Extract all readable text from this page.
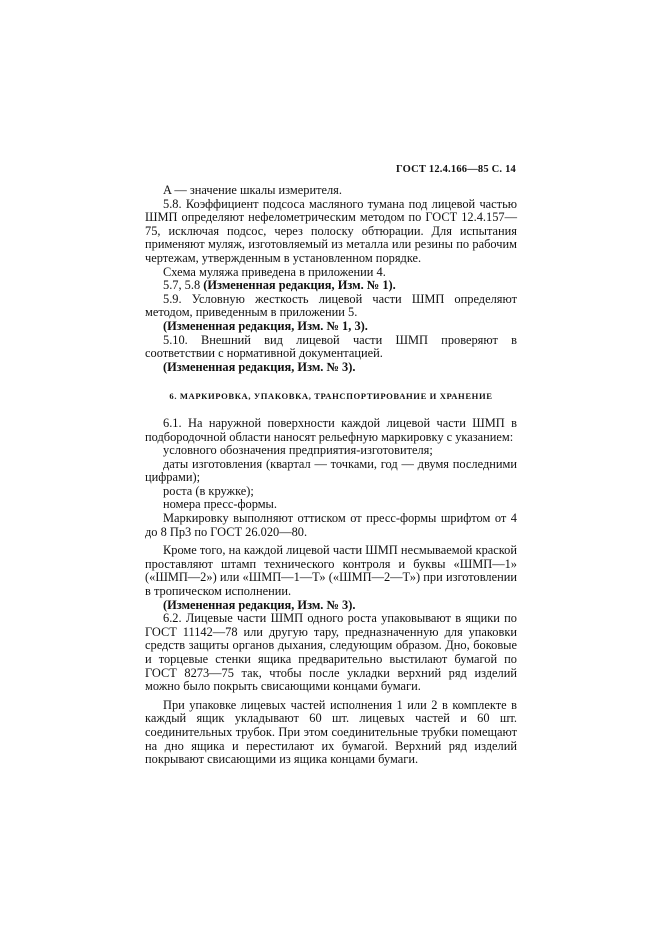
ГОСТ 12.4.166—85 С. 14

A — значение шкалы измерителя.

5.8. Коэффициент подсоса масляного тумана под лицевой частью ШМП определяют нефелометрическим методом по ГОСТ 12.4.157—75, исключая подсос, через полоску обтюрации. Для испытания применяют муляж, изготовляемый из металла или резины по рабочим чертежам, утвержденным в установленном порядке.

Схема муляжа приведена в приложении 4.

5.7, 5.8 (Измененная редакция, Изм. № 1).

5.9. Условную жесткость лицевой части ШМП определяют методом, приведенным в приложении 5.

(Измененная редакция, Изм. № 1, 3).

5.10. Внешний вид лицевой части ШМП проверяют в соответствии с нормативной документацией.

(Измененная редакция, Изм. № 3).

6. МАРКИРОВКА, УПАКОВКА, ТРАНСПОРТИРОВАНИЕ И ХРАНЕНИЕ

6.1. На наружной поверхности каждой лицевой части ШМП в подбородочной области наносят рельефную маркировку с указанием:

условного обозначения предприятия-изготовителя;

даты изготовления (квартал — точками, год — двумя последними цифрами);

роста (в кружке);

номера пресс-формы.

Маркировку выполняют оттиском от пресс-формы шрифтом от 4 до 8 Пр3 по ГОСТ 26.020—80.

Кроме того, на каждой лицевой части ШМП несмываемой краской проставляют штамп технического контроля и буквы «ШМП—1» («ШМП—2») или «ШМП—1—Т» («ШМП—2—Т») при изготовлении в тропическом исполнении.

(Измененная редакция, Изм. № 3).

6.2. Лицевые части ШМП одного роста упаковывают в ящики по ГОСТ 11142—78 или другую тару, предназначенную для упаковки средств защиты органов дыхания, следующим образом. Дно, боковые и торцевые стенки ящика предварительно выстилают бумагой по ГОСТ 8273—75 так, чтобы после укладки верхний ряд изделий можно было покрыть свисающими концами бумаги.

При упаковке лицевых частей исполнения 1 или 2 в комплекте в каждый ящик укладывают 60 шт. лицевых частей и 60 шт. соединительных трубок. При этом соединительные трубки помещают на дно ящика и перестилают их бумагой. Верхний ряд изделий покрывают свисающими из ящика концами бумаги.
